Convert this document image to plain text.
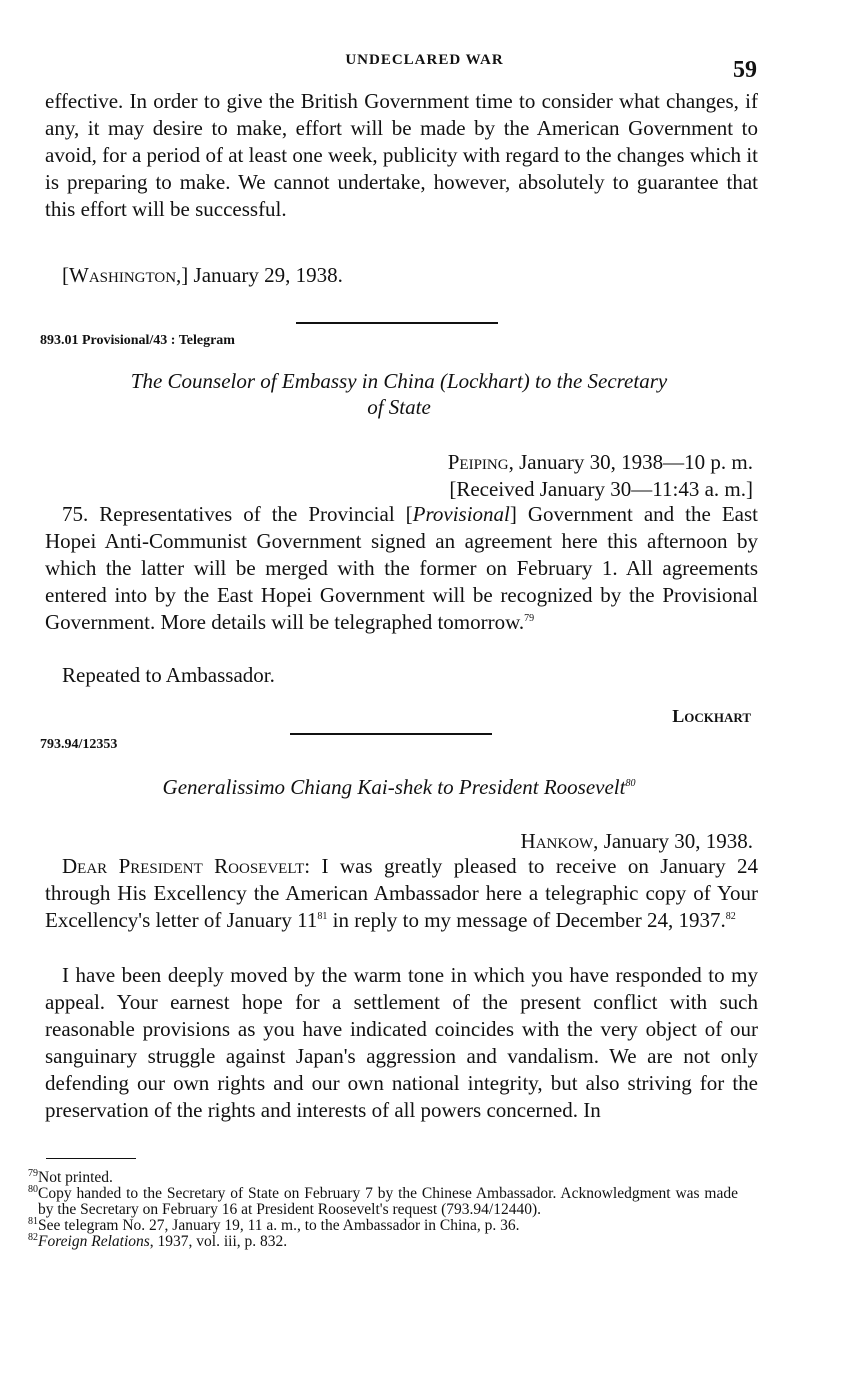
UNDECLARED WAR	59
effective. In order to give the British Government time to consider what changes, if any, it may desire to make, effort will be made by the American Government to avoid, for a period of at least one week, publicity with regard to the changes which it is preparing to make. We cannot undertake, however, absolutely to guarantee that this effort will be successful.
[Washington,] January 29, 1938.
893.01 Provisional/43 : Telegram
The Counselor of Embassy in China (Lockhart) to the Secretary
of State
Peiping, January 30, 1938—10 p. m.
[Received January 30—11:43 a. m.]
75. Representatives of the Provincial [Provisional] Government and the East Hopei Anti-Communist Government signed an agreement here this afternoon by which the latter will be merged with the former on February 1. All agreements entered into by the East Hopei Government will be recognized by the Provisional Government. More details will be telegraphed tomorrow.$^{79}$
Repeated to Ambassador.
Lockhart
793.94/12353
Generalissimo Chiang Kai-shek to President Roosevelt$^{80}$
Hankow, January 30, 1938.
Dear President Roosevelt: I was greatly pleased to receive on January 24 through His Excellency the American Ambassador here a telegraphic copy of Your Excellency's letter of January $11^{81}$ in reply to my message of December 24, 1937.82
I have been deeply moved by the warm tone in which you have responded to my appeal. Your earnest hope for a settlement of the present conflict with such reasonable provisions as you have indicated coincides with the very object of our sanguinary struggle against Japan's aggression and vandalism. We are not only defending our own rights and our own national integrity, but also striving for the preservation of the rights and interests of all powers concerned. In

$^{79}$Not printed.

$^{80}$Copy handed to the Secretary of State on February 7 by the Chinese Ambassador. Acknowledgment was made by the Secretary on February 16 at President Roosevelt's request (793.94/12440).

$^{81}$See telegram No. 27, January 19, 11 a. m., to the Ambassador in China, p. 36.

$^{82}$Foreign Relations, 1937, vol. iii, p. 832.
